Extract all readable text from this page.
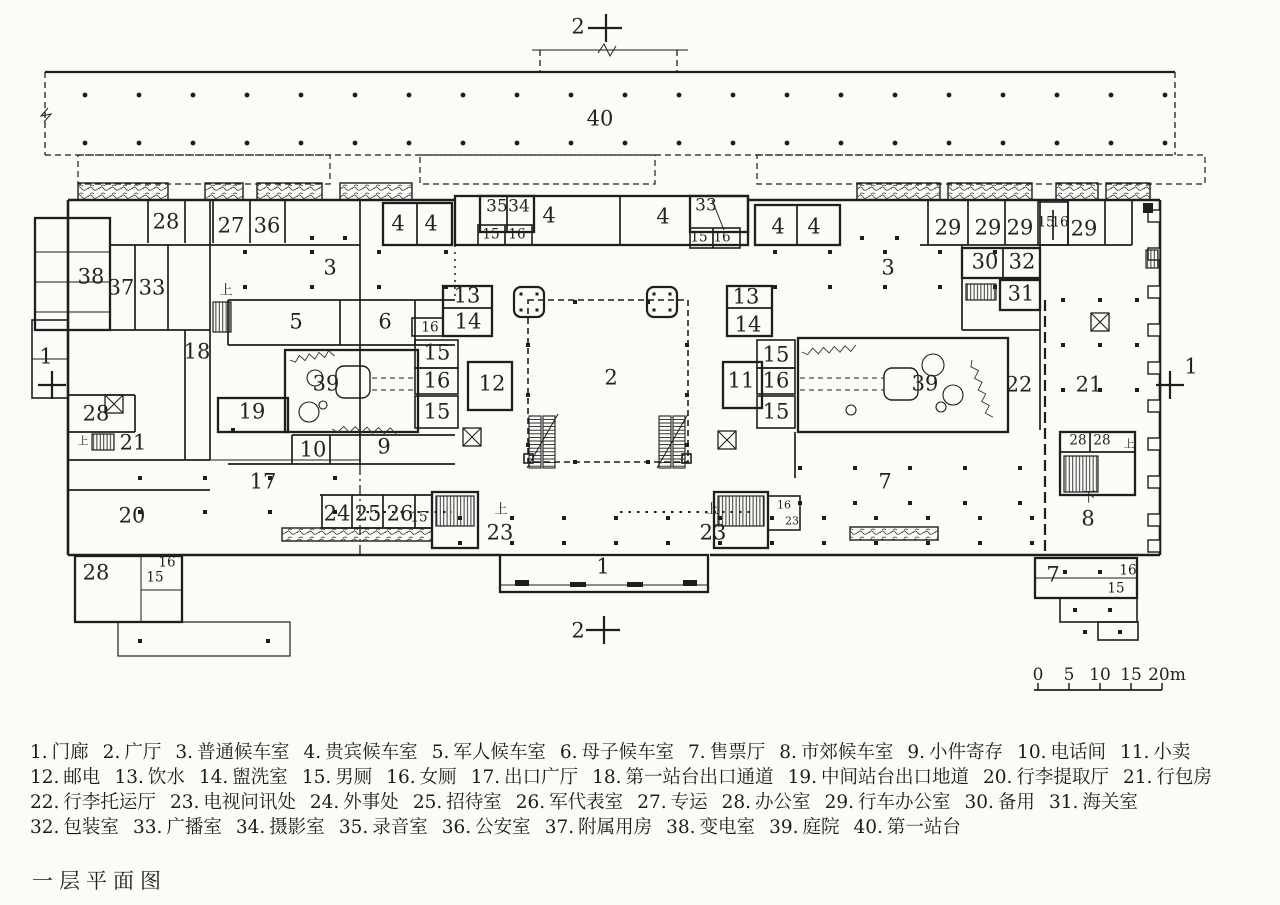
2
2
1	1
40
28 27 36	4 4
35 34 4
15 16
4 33
15 16 4 4	29 29 29 15
16 29
38 37 33
3	3	30 32
31
上
5	6 16
13
14
15
16 12
15
18
39	2
13
14
15
11 16
15
39	22 21
28
上 21
19
10 9
17
20	24 25 26
15	上
23
上
23
16
23
1
7
28 28 上
下
8
7	16
15
28	16
15
0 5 10 15 20m
1. 门廊 2. 广厅 3. 普通候车室 4. 贵宾候车室 5. 军人候车室 6. 母子候车室 7. 售票厅 8. 市郊候车室 9. 小件寄存 10. 电话间 11. 小卖12. 邮电 13. 饮水 14. 盥洗室 15. 男厕 16. 女厕 17. 出口广厅 18. 第一站台出口通道 19. 中间站台出口地道 20. 行李提取厅 21. 行包房22. 行李托运厅 23. 电视问讯处 24. 外事处 25. 招待室 26. 军代表室 27. 专运 28. 办公室 29. 行车办公室 30. 备用 31. 海关室32. 包装室 33. 广播室 34. 摄影室 35. 录音室 36. 公安室 37. 附属用房 38. 变电室 39. 庭院 40. 第一站台
一层平面图
